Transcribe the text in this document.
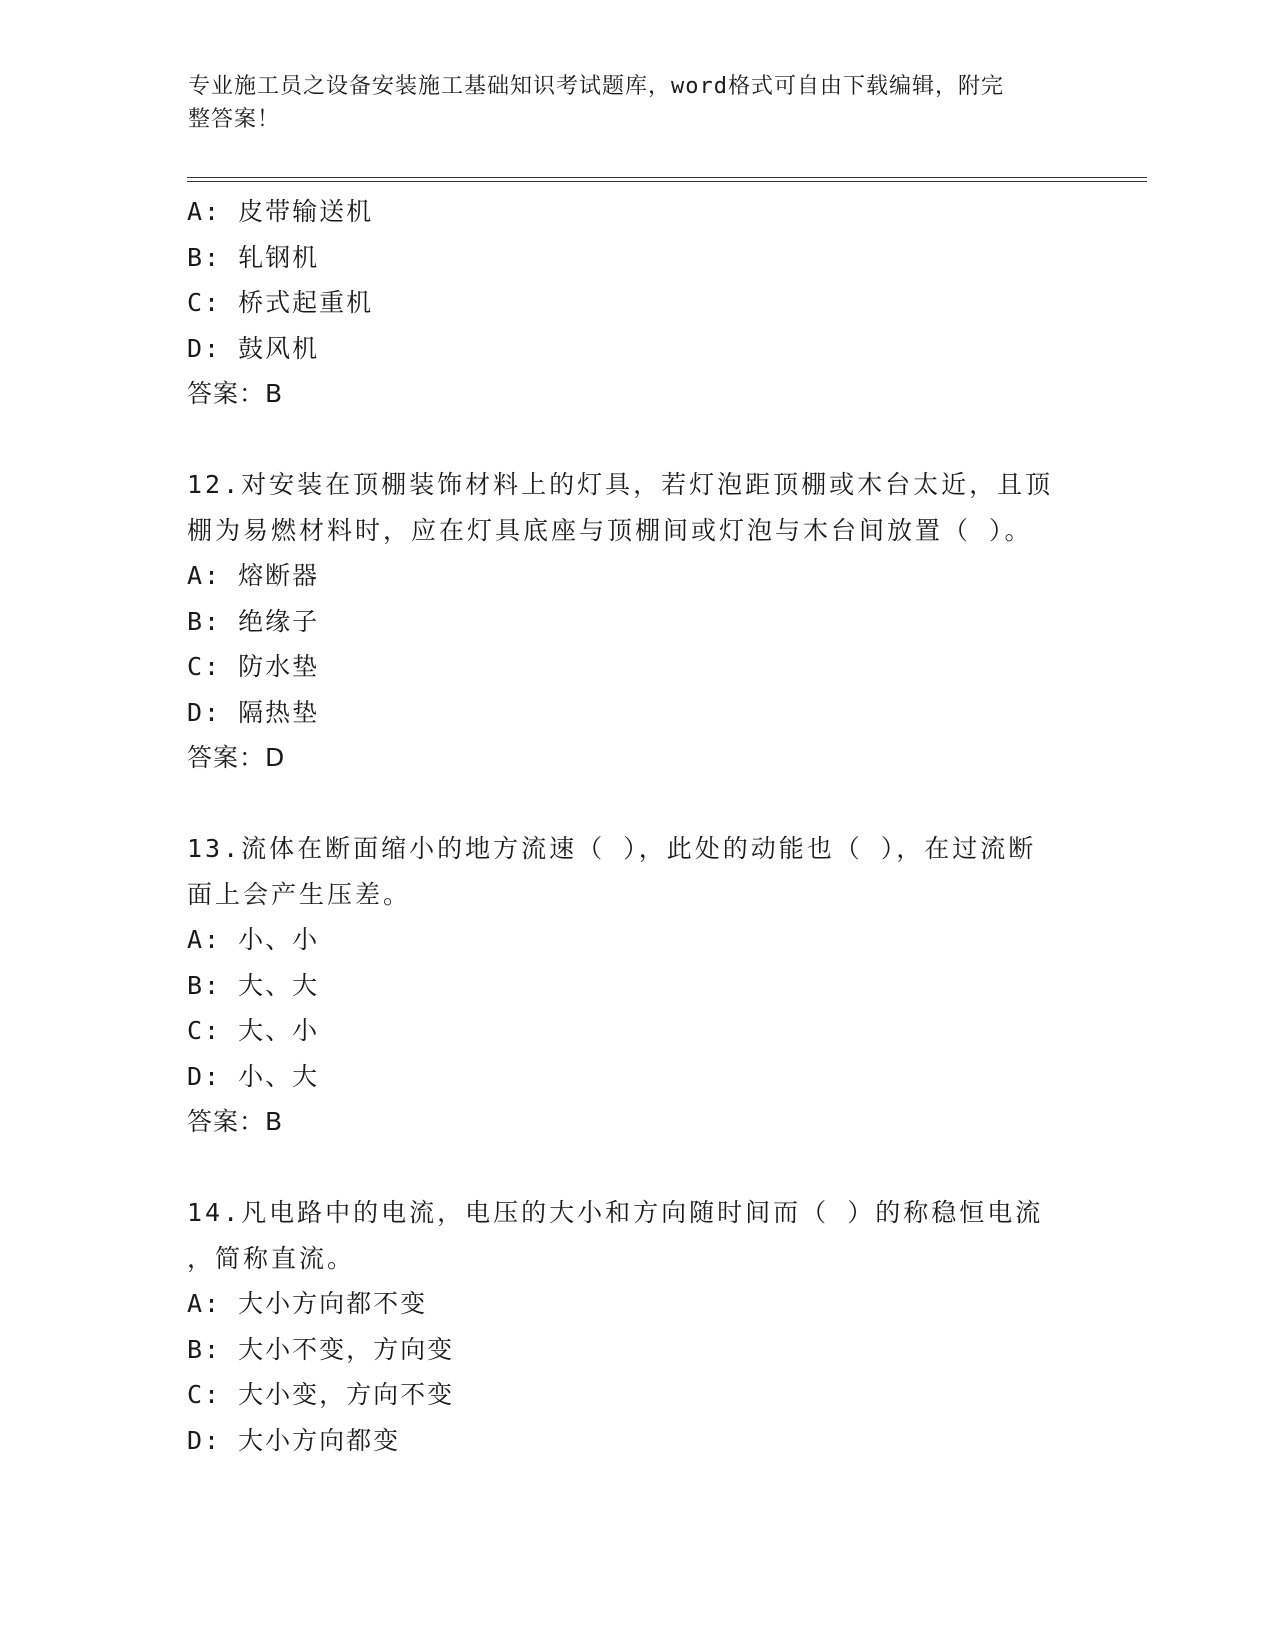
专业施工员之设备安装施工基础知识考试题库，word格式可自由下载编辑，附完
整答案！
A: 皮带输送机
B: 轧钢机
C: 桥式起重机
D: 鼓风机
答案：B
12.对安装在顶棚装饰材料上的灯具，若灯泡距顶棚或木台太近，且顶
棚为易燃材料时，应在灯具底座与顶棚间或灯泡与木台间放置（ ）。
A: 熔断器
B: 绝缘子
C: 防水垫
D: 隔热垫
答案：D
13.流体在断面缩小的地方流速（ ），此处的动能也（ ），在过流断
面上会产生压差。
A: 小、小
B: 大、大
C: 大、小
D: 小、大
答案：B
14.凡电路中的电流，电压的大小和方向随时间而（ ）的称稳恒电流
，简称直流。
A: 大小方向都不变
B: 大小不变，方向变
C: 大小变，方向不变
D: 大小方向都变
